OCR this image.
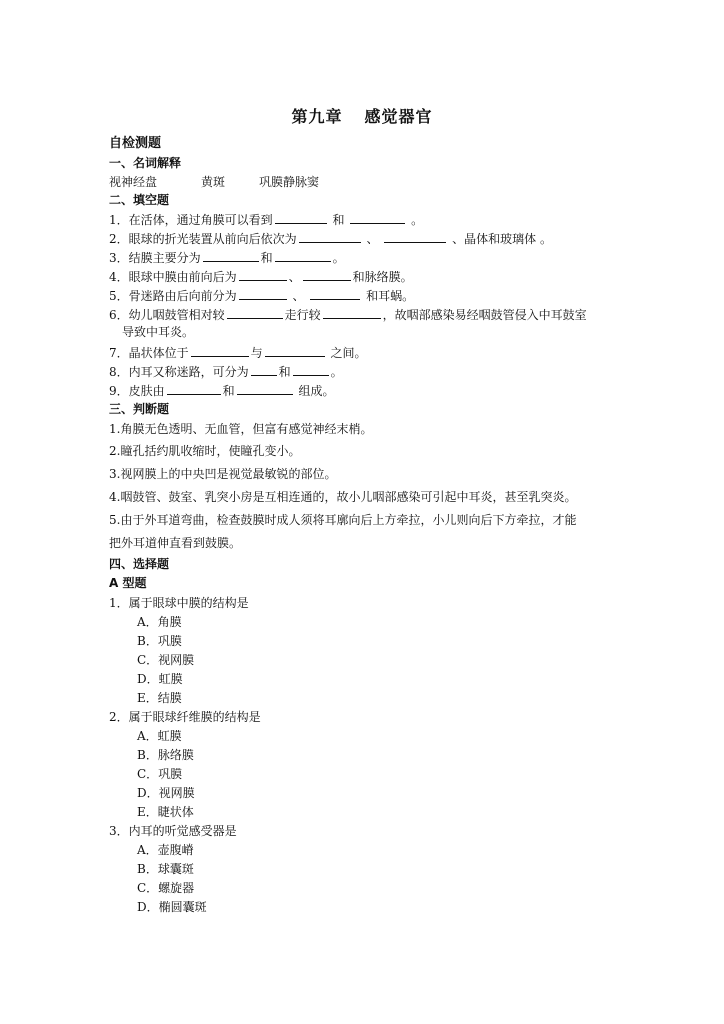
第九章 感觉器官
自检测题
一、名词解释
视神经盘	黄斑	巩膜静脉窦
二、填空题
1．在活体，通过角膜可以看到	和	。
2．眼球的折光装置从前向后依次为	、	、晶体和玻璃体 。
3．结膜主要分为	和	。
4．眼球中膜由前向后为	、	和脉络膜。
5．骨迷路由后向前分为	、	和耳蜗。
6．幼儿咽鼓管相对较	走行较	，故咽部感染易经咽鼓管侵入中耳鼓室
导致中耳炎。
7．晶状体位于	与	之间。
8．内耳又称迷路，可分为	和	。
9．皮肤由	和	组成。
三、判断题
1.角膜无色透明、无血管，但富有感觉神经末梢。
2.瞳孔括约肌收缩时，使瞳孔变小。
3.视网膜上的中央凹是视觉最敏锐的部位。
4.咽鼓管、鼓室、乳突小房是互相连通的，故小儿咽部感染可引起中耳炎，甚至乳突炎。
5.由于外耳道弯曲，检查鼓膜时成人须将耳廓向后上方牵拉，小儿则向后下方牵拉，才能
把外耳道伸直看到鼓膜。
四、选择题
A 型题
1．属于眼球中膜的结构是
A．角膜
B．巩膜
C．视网膜
D．虹膜
E．结膜
2．属于眼球纤维膜的结构是
A．虹膜
B．脉络膜
C．巩膜
D．视网膜
E．睫状体
3．内耳的听觉感受器是
A．壶腹嵴
B．球囊斑
C．螺旋器
D．椭圆囊斑
